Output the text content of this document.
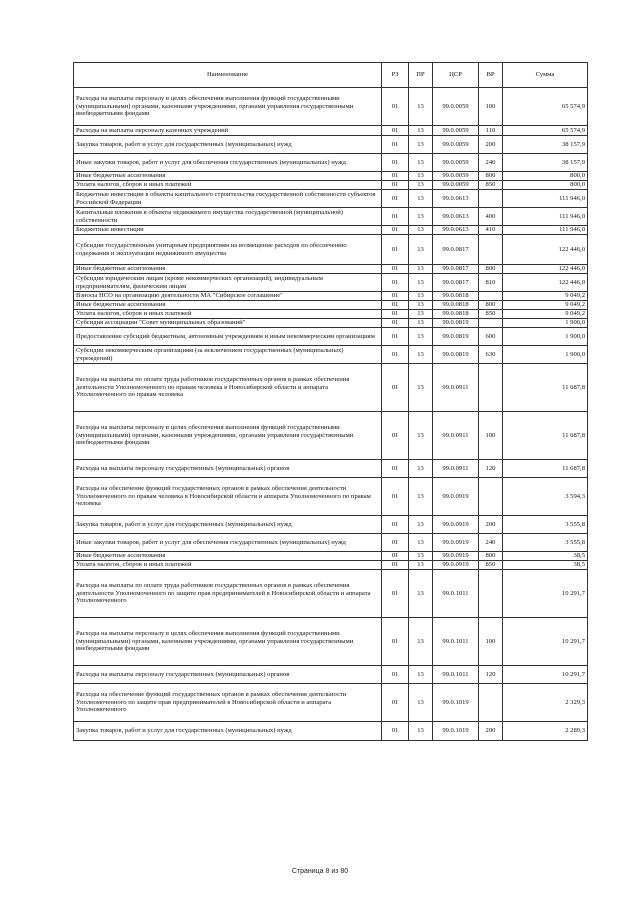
Наименование	РЗ	ПР	ЦСР	ВР	Сумма
Расходы на выплаты персоналу в целях обеспечения выполнения функций государственными (муниципальными) органами, казенными учреждениями, органами управления государственными внебюджетными фондами	01	13	99.0.0059	100	65 574,9
Расходы на выплаты персоналу казенных учреждений	01	13	99.0.0059	110	65 574,9
Закупка товаров, работ и услуг для государственных (муниципальных) нужд	01	13	99.0.0059	200	38 157,9
Иные закупки товаров, работ и услуг для обеспечения государственных (муниципальных) нужд	01	13	99.0.0059	240	38 157,9
Иные бюджетные ассигнования	01	13	99.0.0059	800	800,0
Уплата налогов, сборов и иных платежей	01	13	99.0.0059	850	800,0
Бюджетные инвестиции в объекты капитального строительства государственной собственности субъектов Российской Федерации	01	13	99.0.0613		111 946,0
Капитальные вложения в объекты недвижимого имущества государственной (муниципальной) собственности	01	13	99.0.0613	400	111 946,0
Бюджетные инвестиции	01	13	99.0.0613	410	111 946,0
Субсидии государственным унитарным предприятиям на возмещение расходов по обеспечению содержания и эксплуатации недвижимого имущества	01	13	99.0.0817		122 446,0
Иные бюджетные ассигнования	01	13	99.0.0817	800	122 446,0
Субсидии юридическим лицам (кроме некоммерческих организаций), индивидуальным предпринимателям, физическим лицам	01	13	99.0.0817	810	122 446,0
Взносы НСО на организацию деятельности МА "Сибирское соглашение"	01	13	99.0.0818		9 049,2
Иные бюджетные ассигнования	01	13	99.0.0818	800	9 049,2
Уплата налогов, сборов и иных платежей	01	13	99.0.0818	850	9 049,2
Субсидия ассоциации "Совет муниципальных образований"	01	13	99.0.0819		1 900,0
Предоставление субсидий бюджетным, автономным учреждениям и иным некоммерческим организациям	01	13	99.0.0819	600	1 900,0
Субсидии некоммерческим организациям (за исключением государственных (муниципальных) учреждений)	01	13	99.0.0819	630	1 900,0
Расходы на выплаты по оплате труда работников государственных органов в рамках обеспечения деятельности Уполномоченного по правам человека в Новосибирской области и аппарата Уполномоченного по правам человека	01	13	99.0.0911		11 687,8
Расходы на выплаты персоналу в целях обеспечения выполнения функций государственными (муниципальными) органами, казенными учреждениями, органами управления государственными внебюджетными фондами	01	13	99.0.0911	100	11 687,8
Расходы на выплаты персоналу государственных (муниципальных) органов	01	13	99.0.0911	120	11 687,8
Расходы на обеспечение функций государственных органов в рамках обеспечения деятельности Уполномоченного по правам человека в Новосибирской области и аппарата Уполномоченного по правам человека	01	13	99.0.0919		3 594,3
Закупка товаров, работ и услуг для государственных (муниципальных) нужд	01	13	99.0.0919	200	3 555,8
Иные закупки товаров, работ и услуг для обеспечения государственных (муниципальных) нужд	01	13	99.0.0919	240	3 555,8
Иные бюджетные ассигнования	01	13	99.0.0919	800	38,5
Уплата налогов, сборов и иных платежей	01	13	99.0.0919	850	38,5
Расходы на выплаты по оплате труда работников государственных органов в рамках обеспечения деятельности Уполномоченного по защите прав предпринимателей в Новосибирской области и аппарата Уполномоченного	01	13	99.0.1011		10 291,7
Расходы на выплаты персоналу в целях обеспечения выполнения функций государственными (муниципальными) органами, казенными учреждениями, органами управления государственными внебюджетными фондами	01	13	99.0.1011	100	10 291,7
Расходы на выплаты персоналу государственных (муниципальных) органов	01	13	99.0.1011	120	10 291,7
Расходы на обеспечение функций государственных органов в рамках обеспечения деятельности Уполномоченного по защите прав предпринимателей в Новосибирской области и аппарата Уполномоченного	01	13	99.0.1019		2 329,3
Закупка товаров, работ и услуг для государственных (муниципальных) нужд	01	13	99.0.1019	200	2 289,3
Страница 8 из 80
